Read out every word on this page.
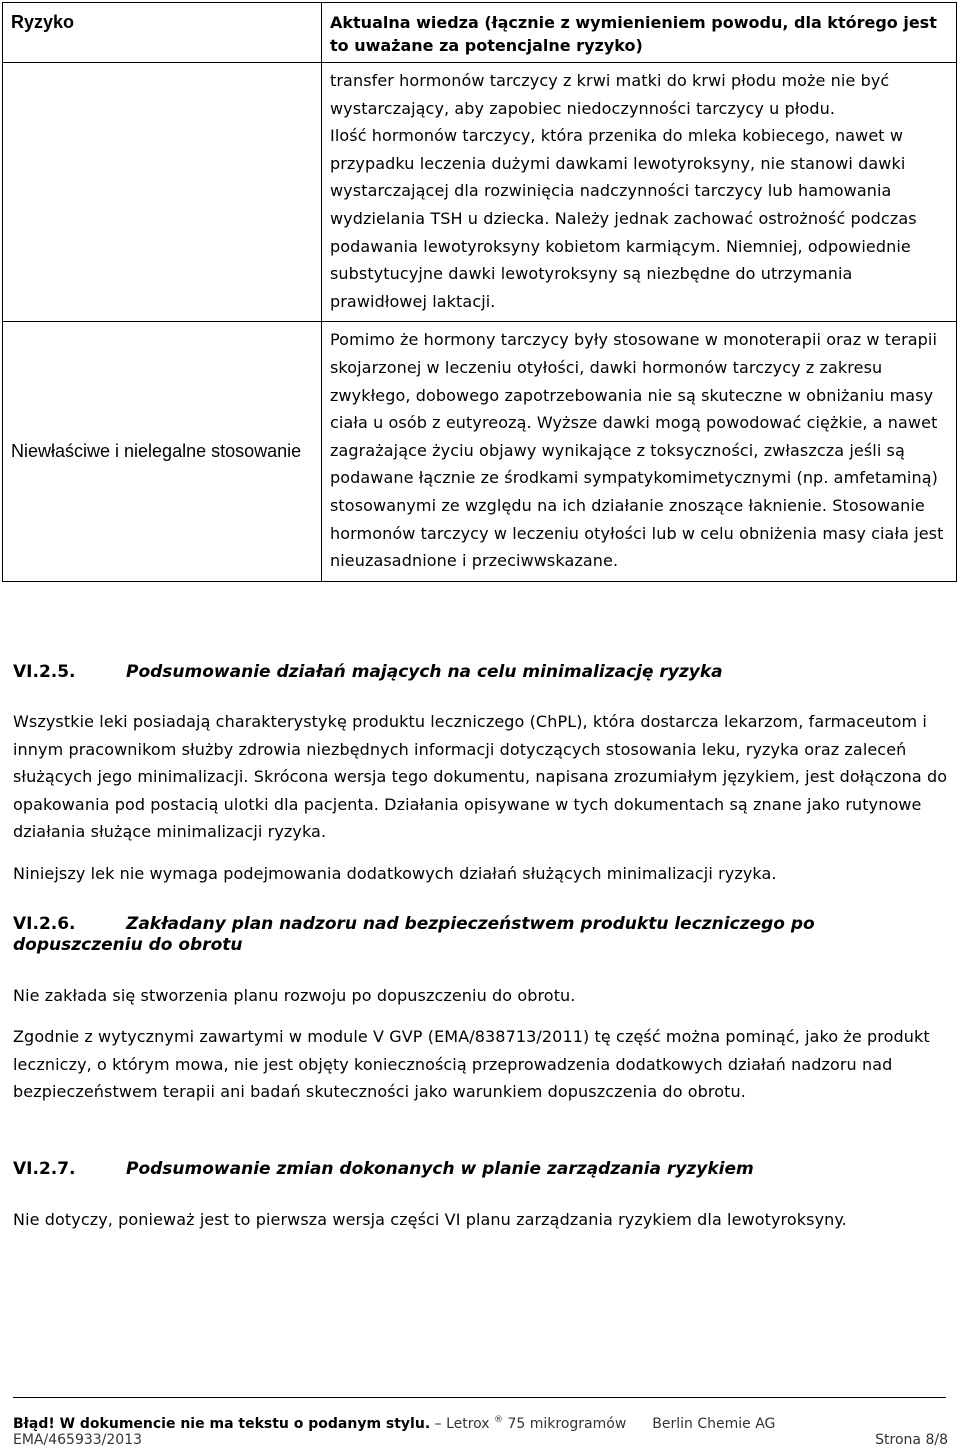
Ryzyko	Aktualna wiedza (łącznie z wymienieniem powodu, dla którego jest to uważane za potencjalne ryzyko)

	transfer hormonów tarczycy z krwi matki do krwi płodu może nie być wystarczający, aby zapobiec niedoczynności tarczycy u płodu.

Ilość hormonów tarczycy, która przenika do mleka kobiecego, nawet w przypadku leczenia dużymi dawkami lewotyroksyny, nie stanowi dawki wystarczającej dla rozwinięcia nadczynności tarczycy lub hamowania wydzielania TSH u dziecka. Należy jednak zachować ostrożność podczas podawania lewotyroksyny kobietom karmiącym. Niemniej, odpowiednie substytucyjne dawki lewotyroksyny są niezbędne do utrzymania prawidłowej laktacji.

Niewłaściwe i nielegalne stosowanie	Pomimo że hormony tarczycy były stosowane w monoterapii oraz w terapii skojarzonej w leczeniu otyłości, dawki hormonów tarczycy z zakresu zwykłego, dobowego zapotrzebowania nie są skuteczne w obniżaniu masy ciała u osób z eutyreozą. Wyższe dawki mogą powodować ciężkie, a nawet zagrażające życiu objawy wynikające z toksyczności, zwłaszcza jeśli są podawane łącznie ze środkami sympatykomimetycznymi (np. amfetaminą) stosowanymi ze względu na ich działanie znoszące łaknienie. Stosowanie hormonów tarczycy w leczeniu otyłości lub w celu obniżenia masy ciała jest nieuzasadnione i przeciwwskazane.
VI.2.5.	Podsumowanie działań mających na celu minimalizację ryzyka

Wszystkie leki posiadają charakterystykę produktu leczniczego (ChPL), która dostarcza lekarzom, farmaceutom i innym pracownikom służby zdrowia niezbędnych informacji dotyczących stosowania leku, ryzyka oraz zaleceń służących jego minimalizacji. Skrócona wersja tego dokumentu, napisana zrozumiałym językiem, jest dołączona do opakowania pod postacią ulotki dla pacjenta. Działania opisywane w tych dokumentach są znane jako rutynowe działania służące minimalizacji ryzyka.

Niniejszy lek nie wymaga podejmowania dodatkowych działań służących minimalizacji ryzyka.

VI.2.6.	Zakładany plan nadzoru nad bezpieczeństwem produktu leczniczego po
dopuszczeniu do obrotu

Nie zakłada się stworzenia planu rozwoju po dopuszczeniu do obrotu.

Zgodnie z wytycznymi zawartymi w module V GVP (EMA/838713/2011) tę część można pominąć, jako że produkt leczniczy, o którym mowa, nie jest objęty koniecznością przeprowadzenia dodatkowych działań nadzoru nad bezpieczeństwem terapii ani badań skuteczności jako warunkiem dopuszczenia do obrotu.

VI.2.7.	Podsumowanie zmian dokonanych w planie zarządzania ryzykiem

Nie dotyczy, ponieważ jest to pierwsza wersja części VI planu zarządzania ryzykiem dla lewotyroksyny.

Błąd! W dokumencie nie ma tekstu o podanym stylu. – Letrox ® 75 mikrogramów Berlin Chemie AG
EMA/465933/2013	Strona 8/8
